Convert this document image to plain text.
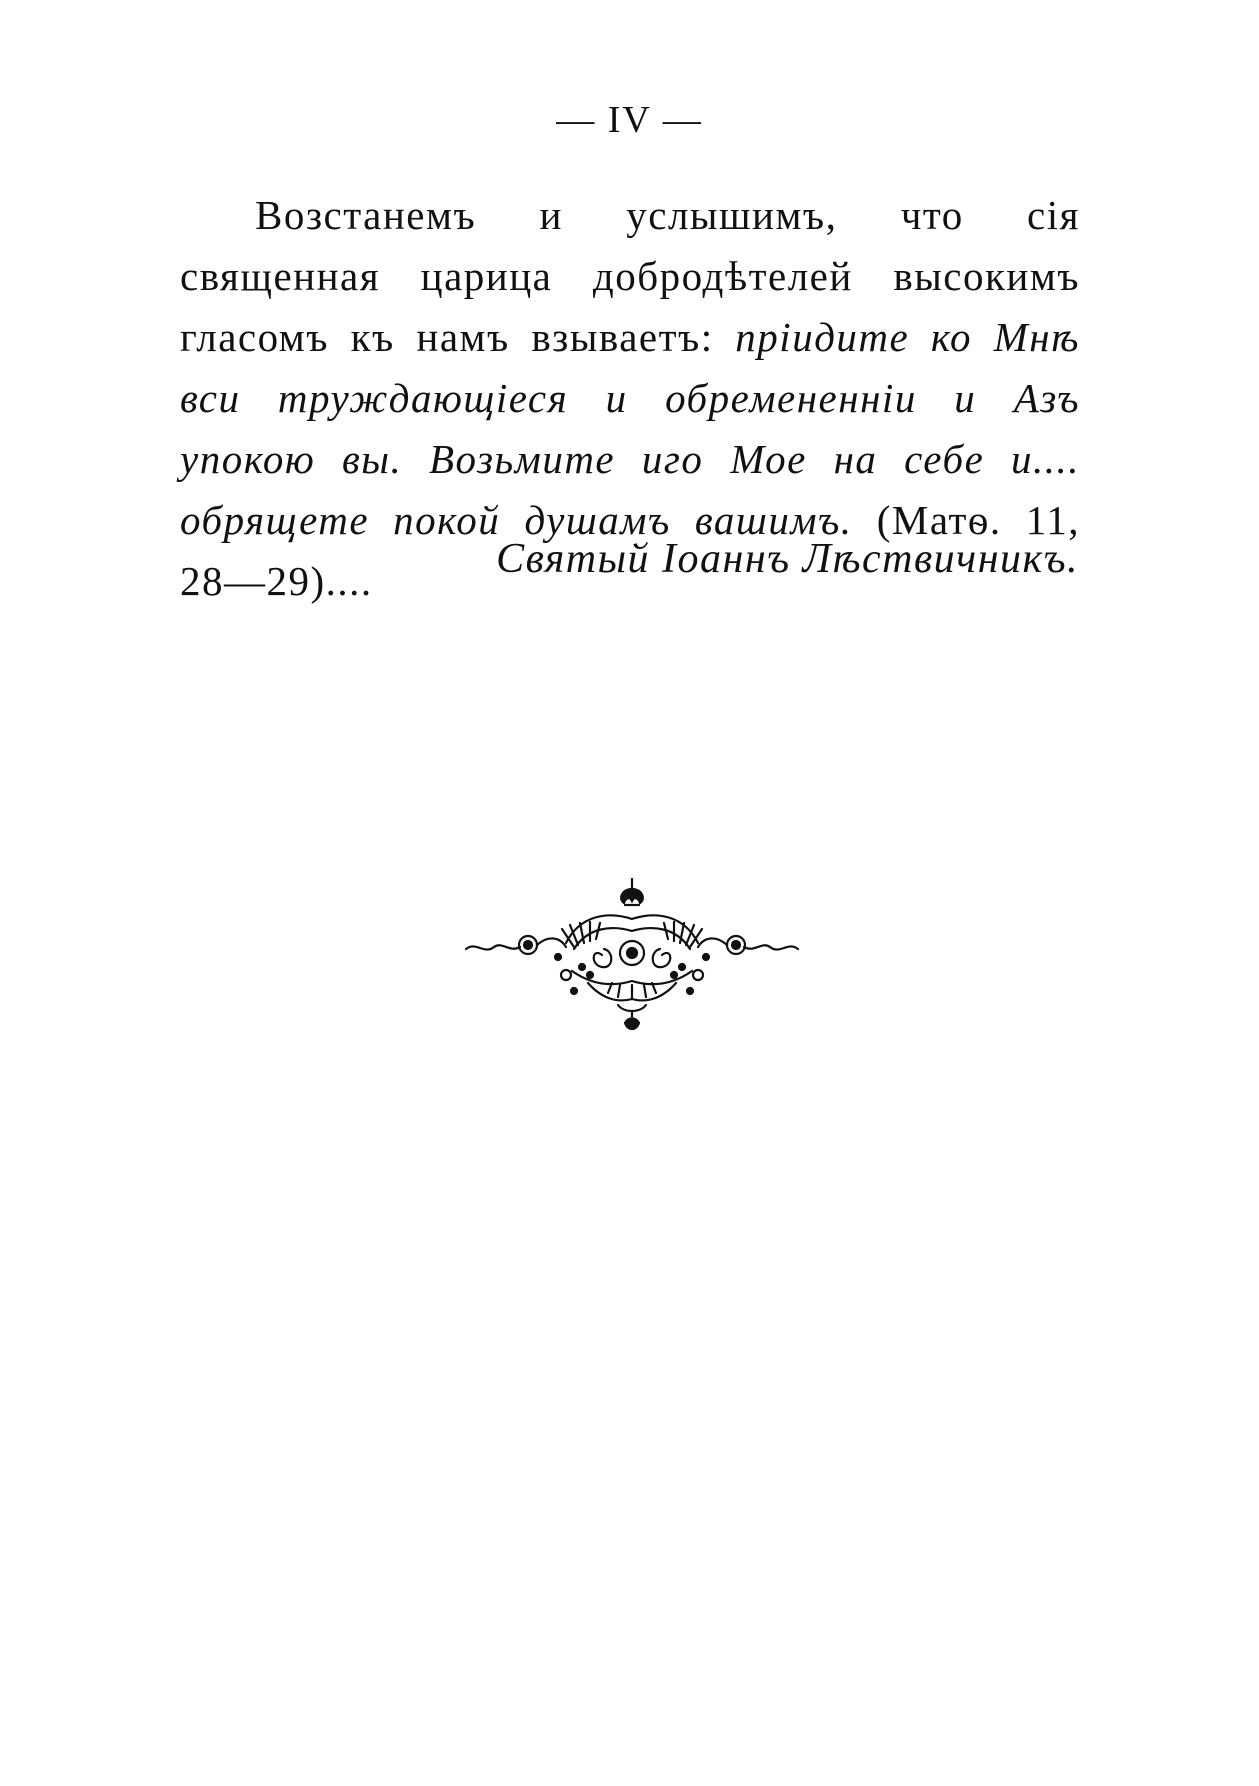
— IV —
Возстанемъ и услышимъ, что сія священная царица добродѣтелей высокимъ гласомъ къ намъ взываетъ: пріидите ко Мнѣ вси труждающіеся и обремененніи и Азъ упокою вы. Возьмите иго Мое на себе и.... обрящете покой душамъ вашимъ. (Матѳ. 11, 28—29)....	Святый Іоаннъ Лѣствичникъ.
